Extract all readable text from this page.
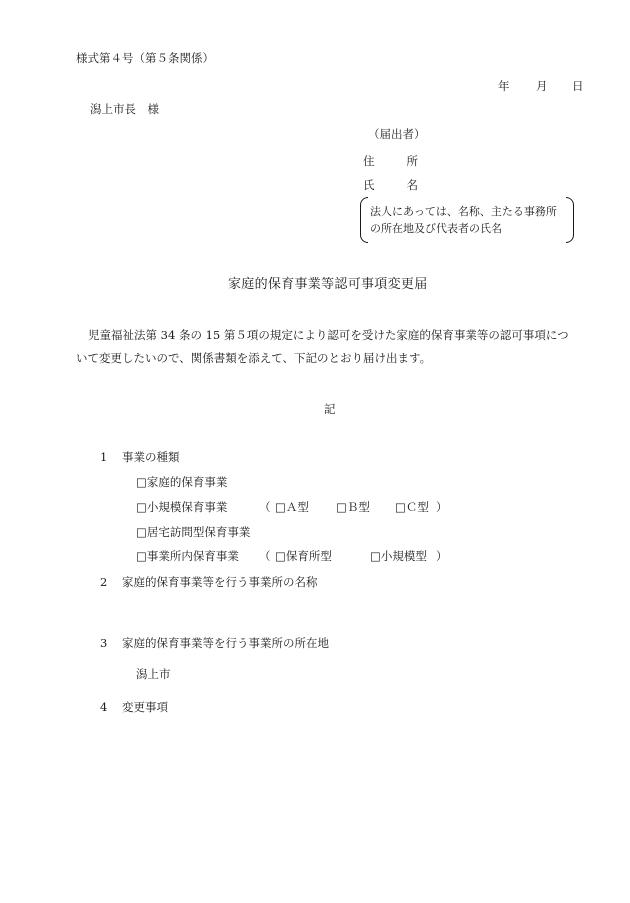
様式第４号（第５条関係）
年 月 日
潟上市長　様
（届出者）
住	所
氏	名
法人にあっては、名称、主たる事務所
の所在地及び代表者の氏名
家庭的保育事業等認可事項変更届
児童福祉法第 34 条の 15 第５項の規定により認可を受けた家庭的保育事業等の認可事項につ
いて変更したいので、関係書類を添えて、下記のとおり届け出ます。
記
1 事業の種類
□家庭的保育事業
□小規模保育事業	（ □Ａ型 □Ｂ型 □Ｃ型 ）
□居宅訪問型保育事業
□事業所内保育事業 （ □保育所型	□小規模型 ）
2 家庭的保育事業等を行う事業所の名称
3 家庭的保育事業等を行う事業所の所在地
潟上市
4 変更事項
